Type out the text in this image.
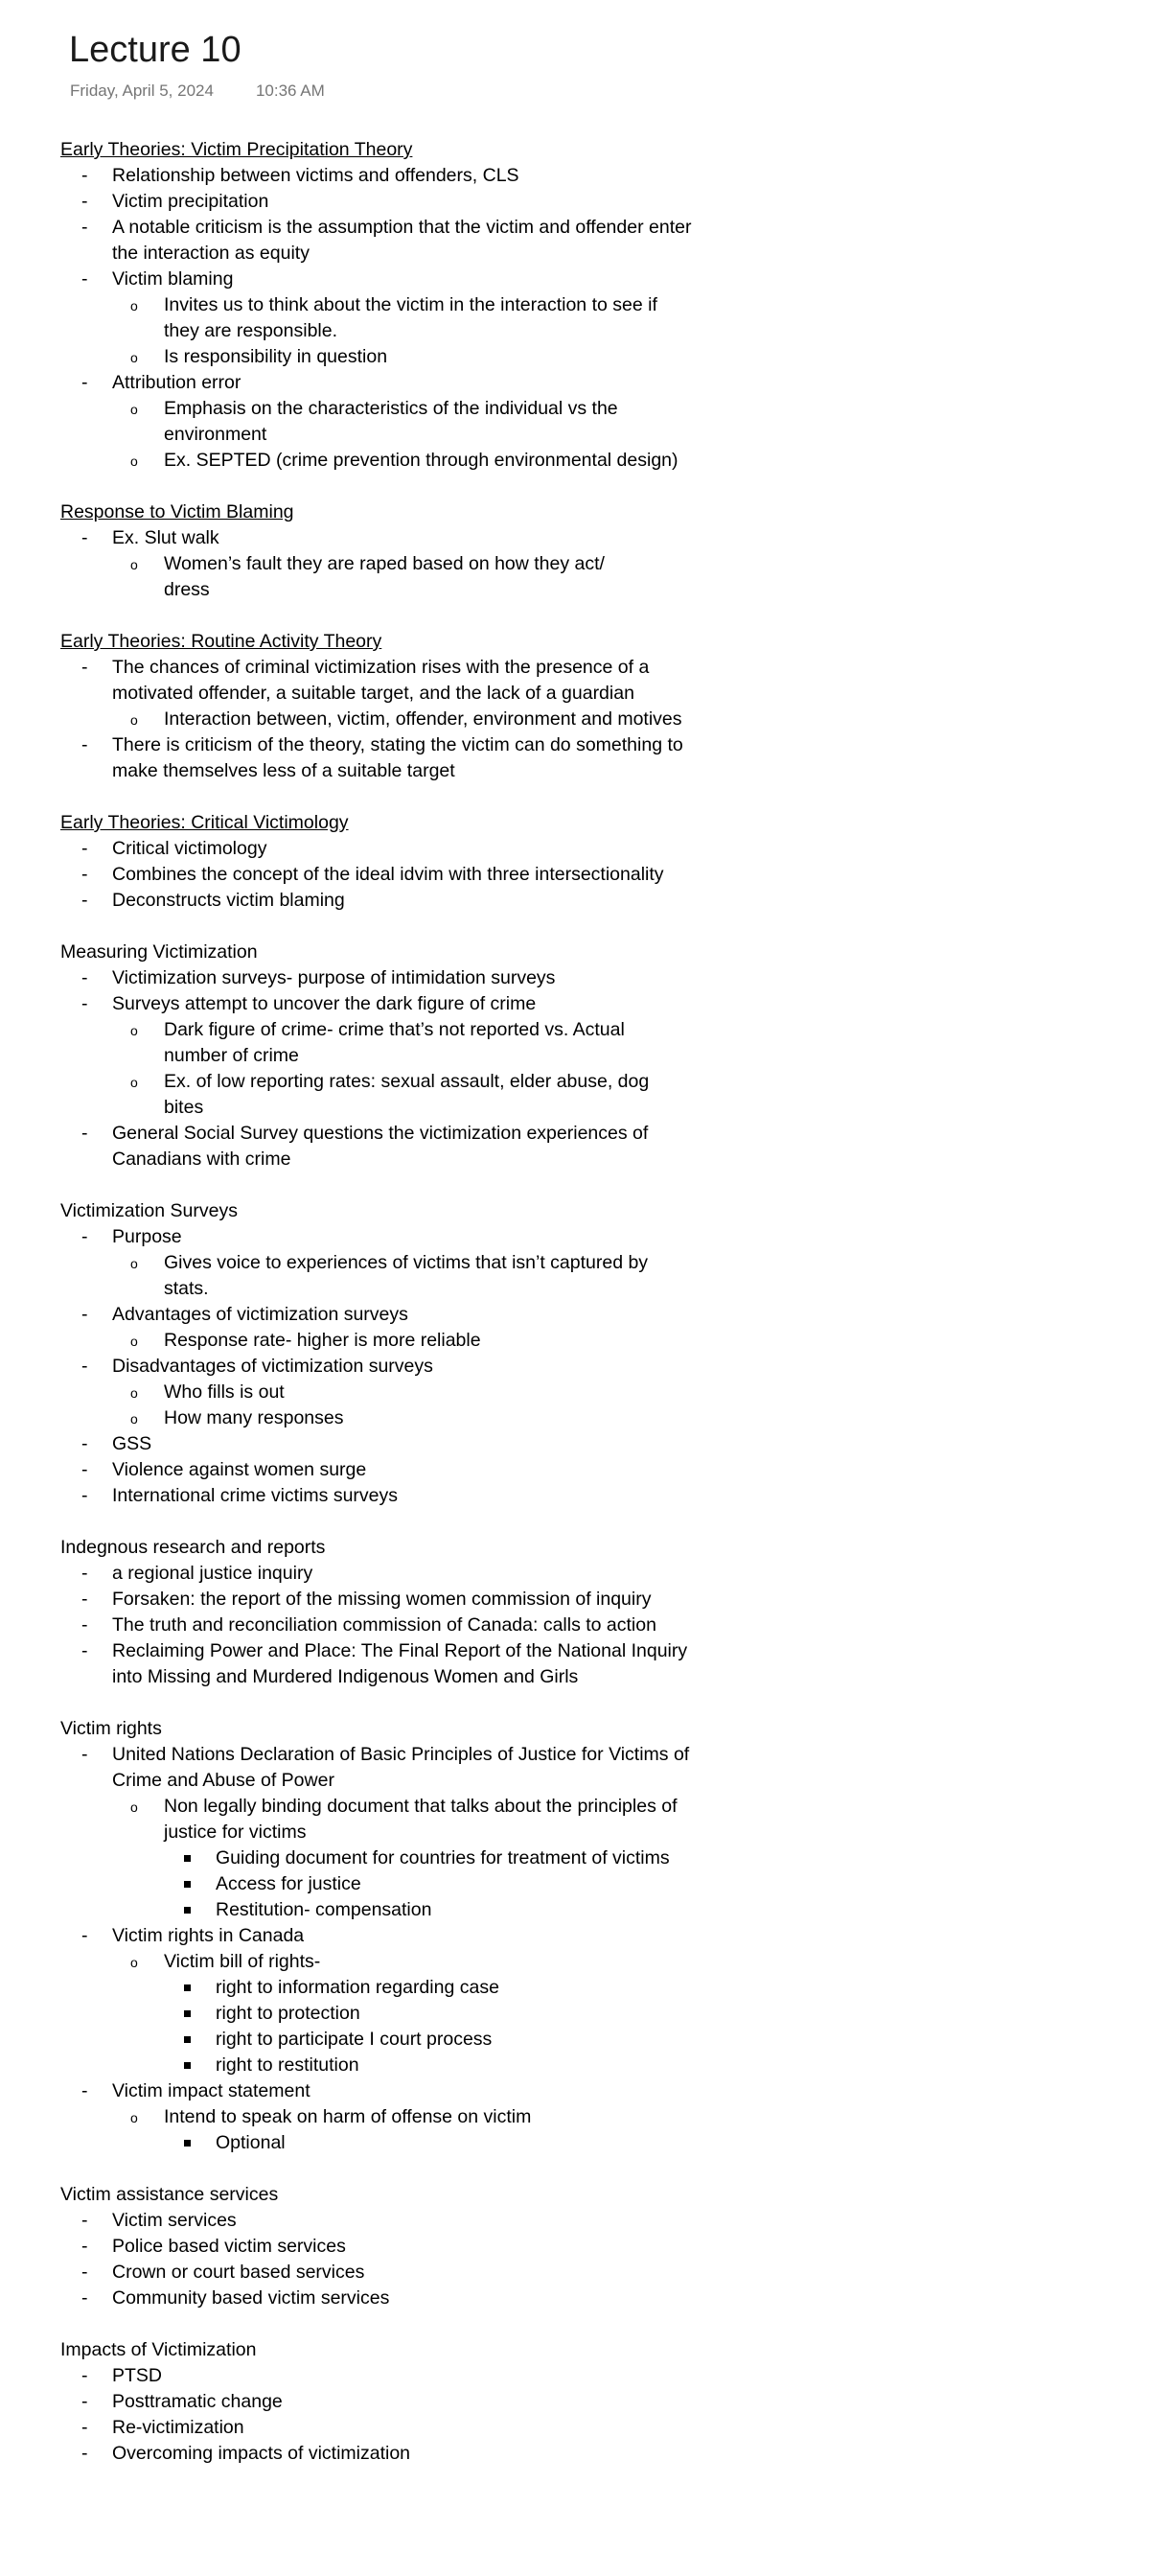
Lecture 10
Friday, April 5, 2024	10:36 AM
Early Theories: Victim Precipitation Theory
- Relationship between victims and offenders, CLS
- Victim precipitation
- A notable criticism is the assumption that the victim and offender enter the interaction as equity
- Victim blaming
o Invites us to think about the victim in the interaction to see if they are responsible.
o Is responsibility in question
- Attribution error
o Emphasis on the characteristics of the individual vs the environment
o Ex. SEPTED (crime prevention through environmental design)
Response to Victim Blaming
- Ex. Slut walk
o Women’s fault they are raped based on how they act/ dress
Early Theories: Routine Activity Theory
- The chances of criminal victimization rises with the presence of a motivated offender, a suitable target, and the lack of a guardian
o Interaction between, victim, offender, environment and motives
- There is criticism of the theory, stating the victim can do something to make themselves less of a suitable target
Early Theories: Critical Victimology
- Critical victimology
- Combines the concept of the ideal idvim with three intersectionality
- Deconstructs victim blaming
Measuring Victimization
- Victimization surveys- purpose of intimidation surveys
- Surveys attempt to uncover the dark figure of crime
o Dark figure of crime- crime that’s not reported vs. Actual number of crime
o Ex. of low reporting rates: sexual assault, elder abuse, dog bites
- General Social Survey questions the victimization experiences of Canadians with crime
Victimization Surveys
- Purpose
o Gives voice to experiences of victims that isn’t captured by stats.
- Advantages of victimization surveys
o Response rate- higher is more reliable
- Disadvantages of victimization surveys
o Who fills is out
o How many responses
- GSS
- Violence against women surge
- International crime victims surveys
Indegnous research and reports
- a regional justice inquiry
- Forsaken: the report of the missing women commission of inquiry
- The truth and reconciliation commission of Canada: calls to action
- Reclaiming Power and Place: The Final Report of the National Inquiry into Missing and Murdered Indigenous Women and Girls
Victim rights
- United Nations Declaration of Basic Principles of Justice for Victims of Crime and Abuse of Power
o Non legally binding document that talks about the principles of justice for victims
Guiding document for countries for treatment of victims
Access for justice
Restitution- compensation
- Victim rights in Canada
o Victim bill of rights-
right to information regarding case
right to protection
right to participate I court process
right to restitution
- Victim impact statement
o Intend to speak on harm of offense on victim
Optional
Victim assistance services
- Victim services
- Police based victim services
- Crown or court based services
- Community based victim services
Impacts of Victimization
- PTSD
- Posttramatic change
- Re-victimization
- Overcoming impacts of victimization
